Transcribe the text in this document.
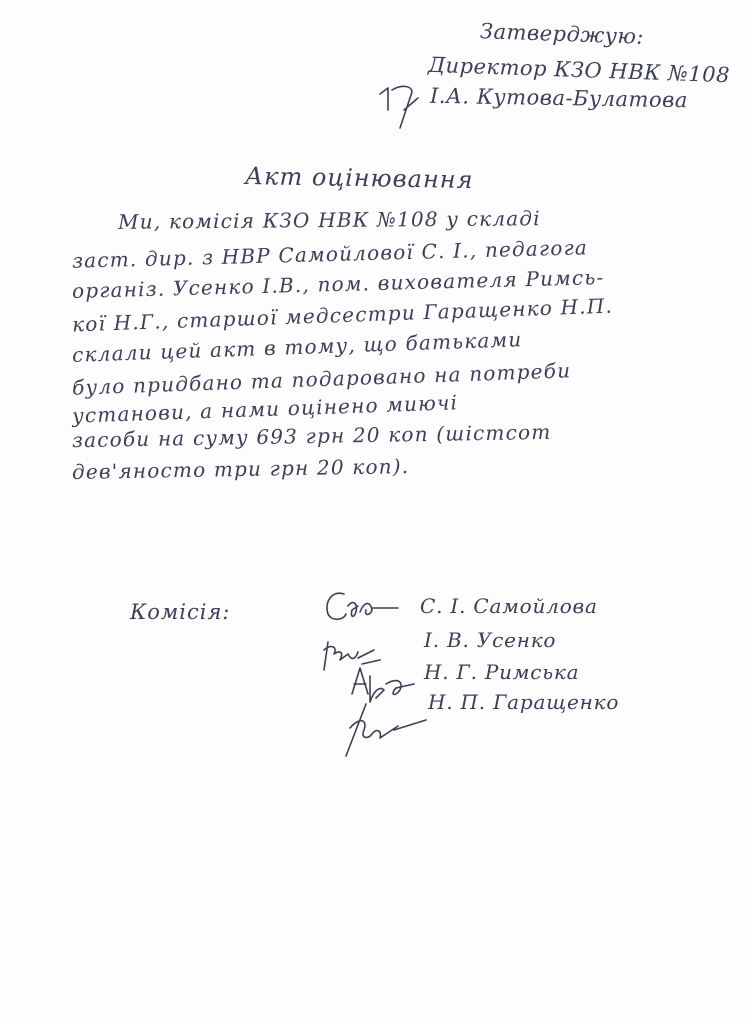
Затверджую:
Директор КЗО НВК №108
І.А. Кутова-Булатова
Акт оцінювання
Ми, комісія КЗО НВК №108 у складі
заст. дир. з НВР Самойлової С. І., педагога
організ. Усенко І.В., пом. вихователя Римсь-
кої Н.Г., старшої медсестри Гаращенко Н.П.
склали цей акт в тому, що батьками
було придбано та подаровано на потреби
установи, а нами оцінено миючі
засоби на суму 693 грн 20 коп (шістсот
дев'яносто три грн 20 коп).
Комісія:	С. І. Самойлова
І. В. Усенко
Н. Г. Римська
Н. П. Гаращенко
